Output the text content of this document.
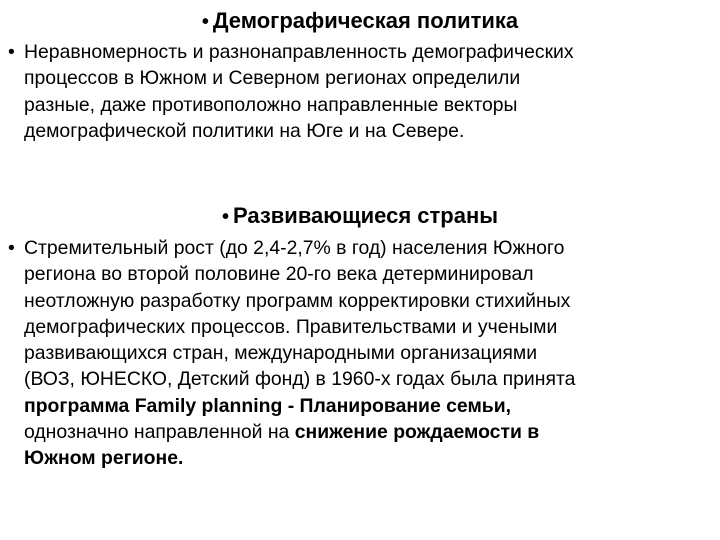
• Демографическая политика
• Неравномерность и разнонаправленность демографических
процессов в Южном и Северном регионах определили
разные, даже противоположно направленные векторы
демографической политики на Юге и на Севере.
• Развивающиеся страны
• Стремительный рост (до 2,4-2,7% в год) населения Южного
региона во второй половине 20-го века детерминировал
неотложную разработку программ корректировки стихийных
демографических процессов. Правительствами и учеными
развивающихся стран, международными организациями
(ВОЗ, ЮНЕСКО, Детский фонд) в 1960-х годах была принята
программа Family planning - Планирование семьи,
однозначно направленной на снижение рождаемости в
Южном регионе.
